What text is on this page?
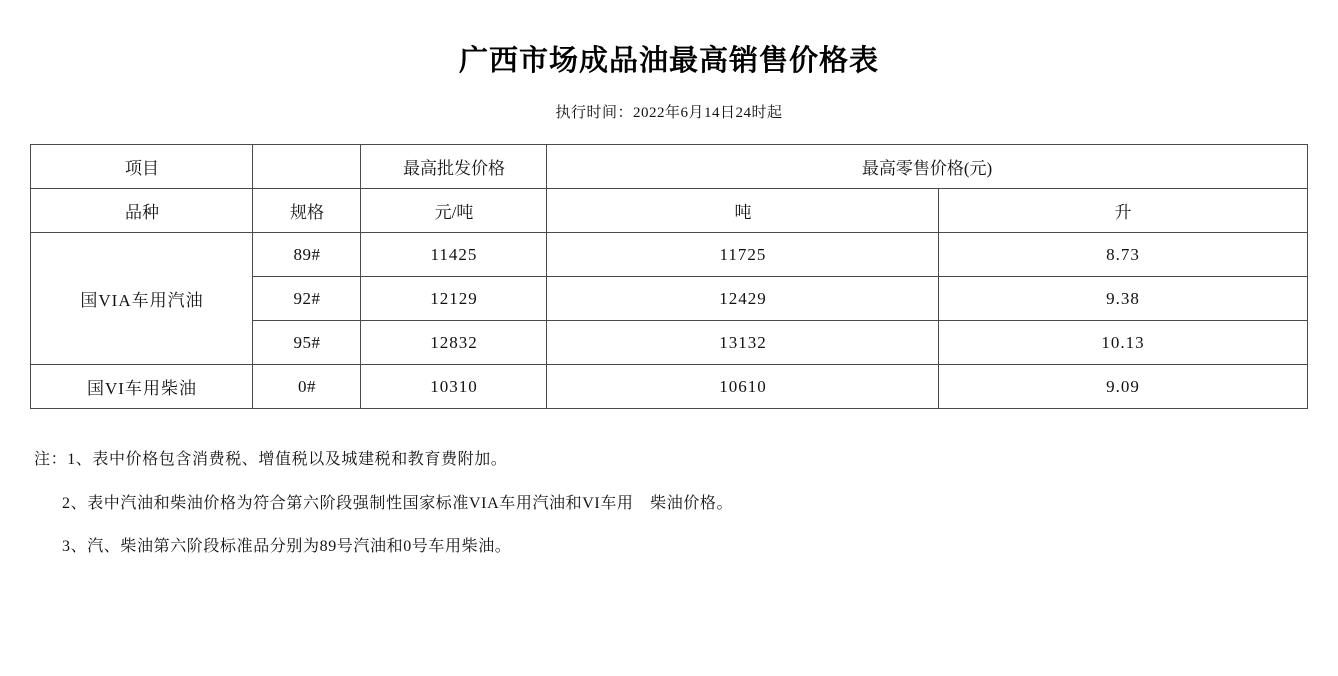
广西市场成品油最高销售价格表
执行时间：2022年6月14日24时起
项目		最高批发价格	最高零售价格(元)	
品种	规格	元/吨	吨	升
国VIA车用汽油	89#	11425	11725	8.73
	92#	12129	12429	9.38
	95#	12832	13132	10.13
国VI车用柴油	0#	10310	10610	9.09
注：1、表中价格包含消费税、增值税以及城建税和教育费附加。
2、表中汽油和柴油价格为符合第六阶段强制性国家标准VIA车用汽油和VI车用　柴油价格。
3、汽、柴油第六阶段标准品分别为89号汽油和0号车用柴油。
